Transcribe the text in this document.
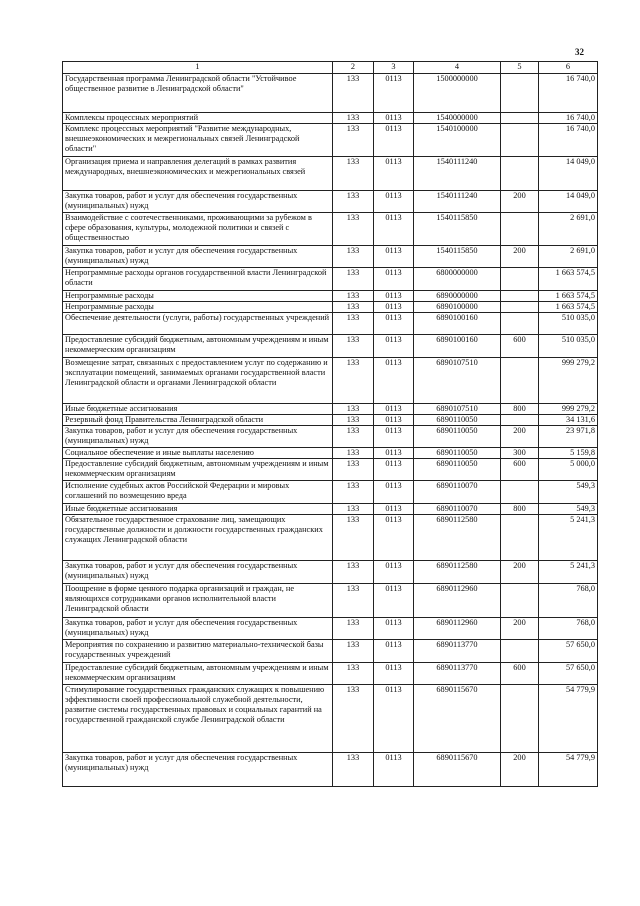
32
1	2	3	4	5	6
Государственная программа Ленинградской области "Устойчивое общественное развитие в Ленинградской области"	133	0113	1500000000		16 740,0
Комплексы процессных мероприятий	133	0113	1540000000		16 740,0
Комплекс процессных мероприятий "Развитие международных, внешнеэкономических и межрегиональных связей Ленинградской области"	133	0113	1540100000		16 740,0
Организация приема и направления делегаций в рамках развития международных, внешнеэкономических и межрегиональных связей	133	0113	1540111240		14 049,0
Закупка товаров, работ и услуг для обеспечения государственных (муниципальных) нужд	133	0113	1540111240	200	14 049,0
Взаимодействие с соотечественниками, проживающими за рубежом в сфере образования, культуры, молодежной политики и связей с общественностью	133	0113	1540115850		2 691,0
Закупка товаров, работ и услуг для обеспечения государственных (муниципальных) нужд	133	0113	1540115850	200	2 691,0
Непрограммные расходы органов государственной власти Ленинградской области	133	0113	6800000000		1 663 574,5
Непрограммные расходы	133	0113	6890000000		1 663 574,5
Непрограммные расходы	133	0113	6890100000		1 663 574,5
Обеспечение деятельности (услуги, работы) государственных учреждений	133	0113	6890100160		510 035,0
Предоставление субсидий бюджетным, автономным учреждениям и иным некоммерческим организациям	133	0113	6890100160	600	510 035,0
Возмещение затрат, связанных с предоставлением услуг по содержанию и эксплуатации помещений, занимаемых органами государственной власти Ленинградской области и органами Ленинградской области	133	0113	6890107510		999 279,2
Иные бюджетные ассигнования	133	0113	6890107510	800	999 279,2
Резервный фонд Правительства Ленинградской области	133	0113	6890110050		34 131,6
Закупка товаров, работ и услуг для обеспечения государственных (муниципальных) нужд	133	0113	6890110050	200	23 971,8
Социальное обеспечение и иные выплаты населению	133	0113	6890110050	300	5 159,8
Предоставление субсидий бюджетным, автономным учреждениям и иным некоммерческим организациям	133	0113	6890110050	600	5 000,0
Исполнение судебных актов Российской Федерации и мировых соглашений по возмещению вреда	133	0113	6890110070		549,3
Иные бюджетные ассигнования	133	0113	6890110070	800	549,3
Обязательное государственное страхование лиц, замещающих государственные должности и должности государственных гражданских служащих Ленинградской области	133	0113	6890112580		5 241,3
Закупка товаров, работ и услуг для обеспечения государственных (муниципальных) нужд	133	0113	6890112580	200	5 241,3
Поощрение в форме ценного подарка организаций и граждан, не являющихся сотрудниками органов исполнительной власти Ленинградской области	133	0113	6890112960		768,0
Закупка товаров, работ и услуг для обеспечения государственных (муниципальных) нужд	133	0113	6890112960	200	768,0
Мероприятия по сохранению и развитию материально-технической базы государственных учреждений	133	0113	6890113770		57 650,0
Предоставление субсидий бюджетным, автономным учреждениям и иным некоммерческим организациям	133	0113	6890113770	600	57 650,0
Стимулирование государственных гражданских служащих к повышению эффективности своей профессиональной служебной деятельности, развитие системы государственных правовых и социальных гарантий на государственной гражданской службе Ленинградской области	133	0113	6890115670		54 779,9
Закупка товаров, работ и услуг для обеспечения государственных (муниципальных) нужд	133	0113	6890115670	200	54 779,9
